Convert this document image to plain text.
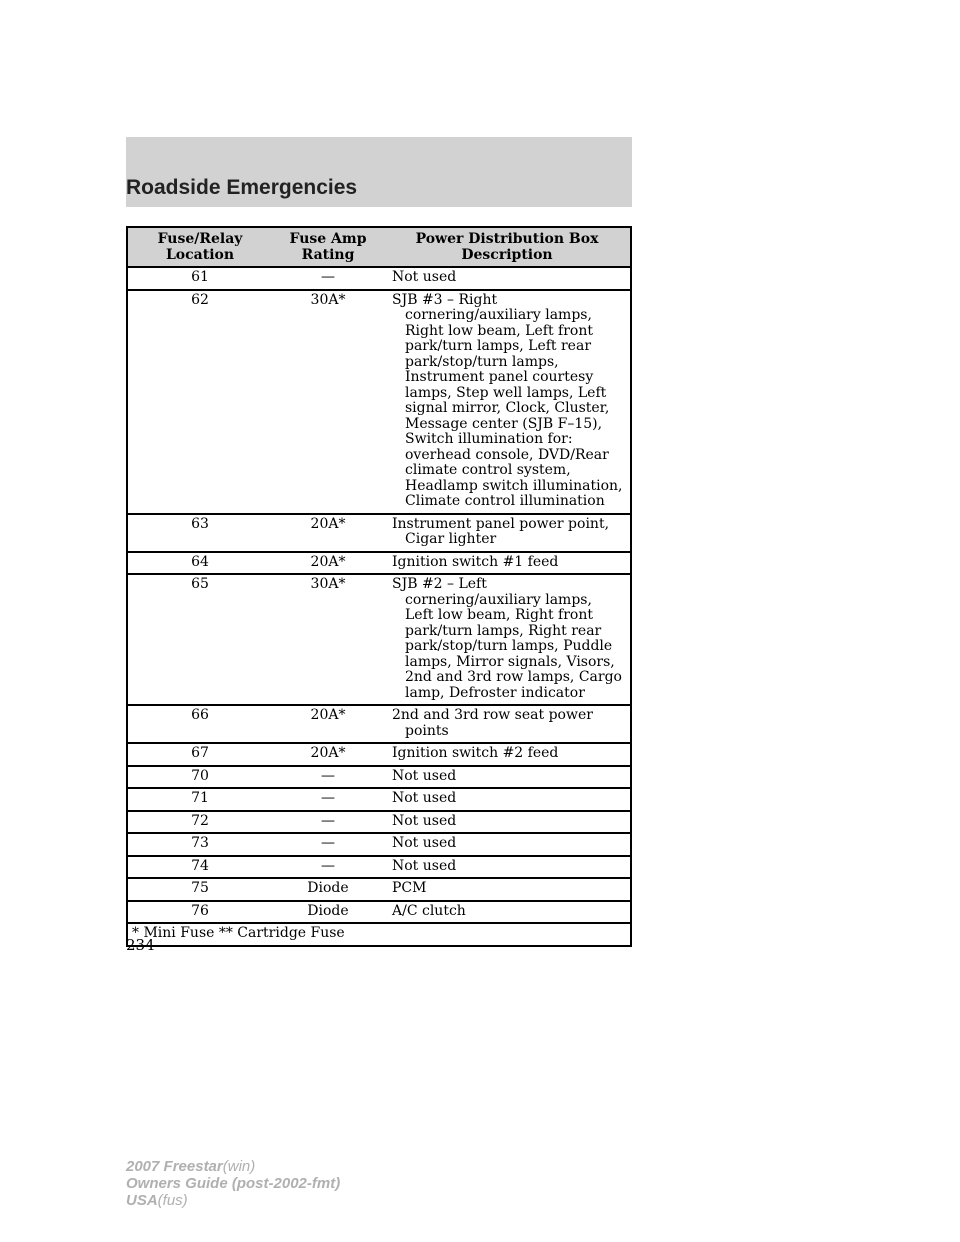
Roadside Emergencies
Fuse/Relay Location	Fuse Amp Rating	Power Distribution Box Description
61	—	Not used

62	30A*	SJB #3 – Right cornering/auxiliary lamps, Right low beam, Left front park/turn lamps, Left rear park/stop/turn lamps, Instrument panel courtesy lamps, Step well lamps, Left signal mirror, Clock, Cluster, Message center (SJB F–15), Switch illumination for: overhead console, DVD/Rear climate control system, Headlamp switch illumination, Climate control illumination

63	20A*	Instrument panel power point, Cigar lighter

64	20A*	Ignition switch #1 feed

65	30A*	SJB #2 – Left cornering/auxiliary lamps, Left low beam, Right front park/turn lamps, Right rear park/stop/turn lamps, Puddle lamps, Mirror signals, Visors, 2nd and 3rd row lamps, Cargo lamp, Defroster indicator

66	20A*	2nd and 3rd row seat power points

67	20A*	Ignition switch #2 feed

70	—	Not used

71	—	Not used

72	—	Not used

73	—	Not used

74	—	Not used

75	Diode	PCM

76	Diode	A/C clutch

* Mini Fuse ** Cartridge Fuse		
234
2007 Freestar(win)
Owners Guide (post-2002-fmt)
USA(fus)
